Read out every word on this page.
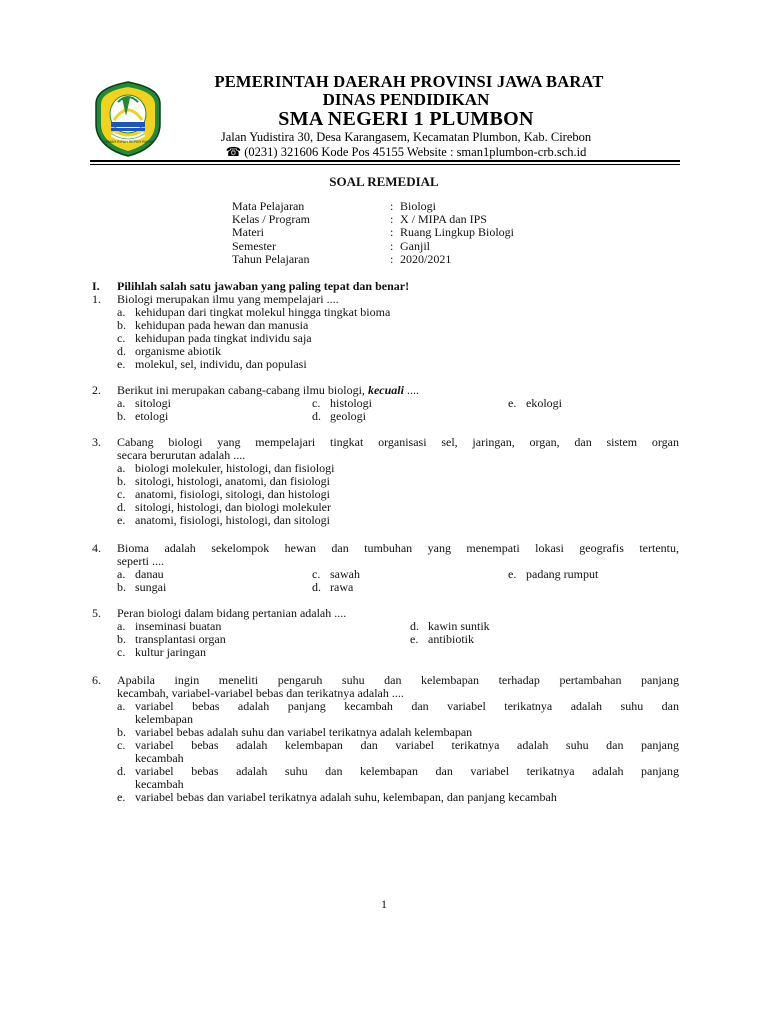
GEMAH RIPAH REPEH RAPIH
PEMERINTAH DAERAH PROVINSI JAWA BARAT
DINAS PENDIDIKAN
SMA NEGERI 1 PLUMBON
Jalan Yudistira 30, Desa Karangasem, Kecamatan Plumbon, Kab. Cirebon
☎ (0231) 321606 Kode Pos 45155 Website : sman1plumbon-crb.sch.id
SOAL REMEDIAL
Mata Pelajaran	: Biologi
Kelas / Program	: X / MIPA dan IPS
Materi	: Ruang Lingkup Biologi
Semester	: Ganjil
Tahun Pelajaran	: 2020/2021
I. Pilihlah salah satu jawaban yang paling tepat dan benar!
1. Biologi merupakan ilmu yang mempelajari ....
a. kehidupan dari tingkat molekul hingga tingkat bioma
b. kehidupan pada hewan dan manusia
c. kehidupan pada tingkat individu saja
d. organisme abiotik
e. molekul, sel, individu, dan populasi
2. Berikut ini merupakan cabang-cabang ilmu biologi, kecuali ....
a. sitologi
b. etologi
c. histologi
d. geologi
e. ekologi
3. Cabang biologi yang mempelajari tingkat organisasi sel, jaringan, organ, dan sistem organ
secara berurutan adalah ....
a. biologi molekuler, histologi, dan fisiologi
b. sitologi, histologi, anatomi, dan fisiologi
c. anatomi, fisiologi, sitologi, dan histologi
d. sitologi, histologi, dan biologi molekuler
e. anatomi, fisiologi, histologi, dan sitologi
4. Bioma adalah sekelompok hewan dan tumbuhan yang menempati lokasi geografis tertentu,
seperti ....
a. danau
b. sungai
c. sawah
d. rawa
e. padang rumput
5. Peran biologi dalam bidang pertanian adalah ....
a. inseminasi buatan
b. transplantasi organ
c. kultur jaringan
d. kawin suntik
e. antibiotik
6. Apabila ingin meneliti pengaruh suhu dan kelembapan terhadap pertambahan panjang
kecambah, variabel-variabel bebas dan terikatnya adalah ....
a. variabel bebas adalah panjang kecambah dan variabel terikatnya adalah suhu dan
kelembapan
b. variabel bebas adalah suhu dan variabel terikatnya adalah kelembapan
c. variabel bebas adalah kelembapan dan variabel terikatnya adalah suhu dan panjang
kecambah
d. variabel bebas adalah suhu dan kelembapan dan variabel terikatnya adalah panjang
kecambah
e. variabel bebas dan variabel terikatnya adalah suhu, kelembapan, dan panjang kecambah
1
